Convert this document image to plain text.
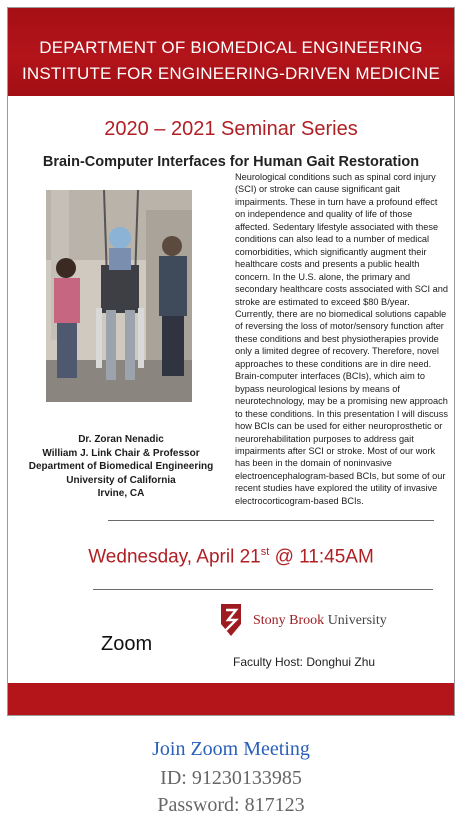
DEPARTMENT OF BIOMEDICAL ENGINEERING
INSTITUTE FOR ENGINEERING-DRIVEN MEDICINE
2020 – 2021 Seminar Series
Brain-Computer Interfaces for Human Gait Restoration

Neurological conditions such as spinal cord injury (SCI) or stroke can cause significant gait impairments. These in turn have a profound effect on independence and quality of life of those affected. Sedentary lifestyle associated with these conditions can also lead to a number of medical comorbidities, which significantly augment their healthcare costs and presents a public health concern. In the U.S. alone, the primary and secondary healthcare costs associated with SCI and stroke are estimated to exceed $80 B/year. Currently, there are no biomedical solutions capable of reversing the loss of motor/sensory function after these conditions and best physiotherapies provide only a limited degree of recovery. Therefore, novel approaches to these conditions are in dire need. Brain-computer interfaces (BCIs), which aim to bypass neurological lesions by means of neurotechnology, may be a promising new approach to these conditions. In this presentation I will discuss how BCIs can be used for either neuroprosthetic or neurorehabilitation purposes to address gait impairments after SCI or stroke. Most of our work has been in the domain of noninvasive electroencephalogram-based BCIs, but some of our recent studies have explored the utility of invasive electrocorticogram-based BCIs.

Dr. Zoran Nenadic
William J. Link Chair & Professor
Department of Biomedical Engineering
University of California
Irvine, CA
Wednesday, April 21st @ 11:45AM
Stony Brook University
Zoom
Faculty Host: Donghui Zhu
Join Zoom Meeting
ID: 91230133985
Password: 817123
